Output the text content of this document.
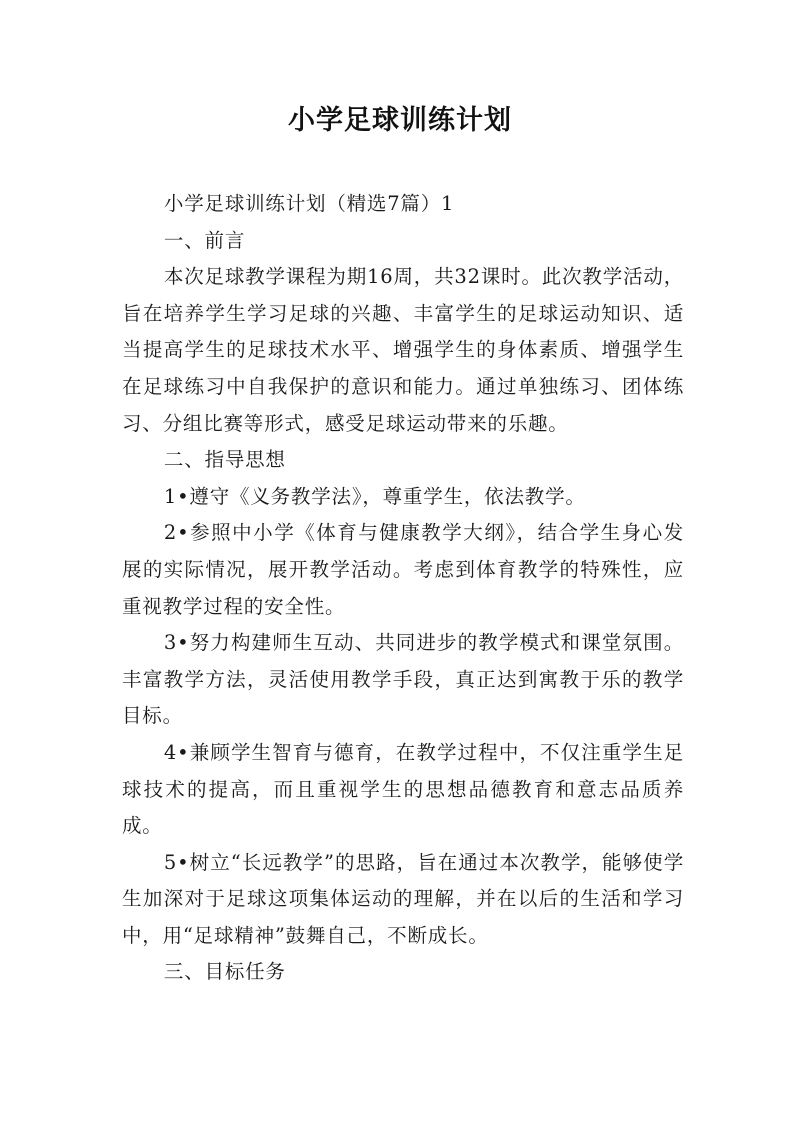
小学足球训练计划

小学足球训练计划（精选7篇）1

一、前言

本次足球教学课程为期16周，共32课时。此次教学活动，旨在培养学生学习足球的兴趣、丰富学生的足球运动知识、适当提高学生的足球技术水平、增强学生的身体素质、增强学生在足球练习中自我保护的意识和能力。通过单独练习、团体练习、分组比赛等形式，感受足球运动带来的乐趣。

二、指导思想

1•遵守《义务教学法》，尊重学生，依法教学。

2•参照中小学《体育与健康教学大纲》，结合学生身心发展的实际情况，展开教学活动。考虑到体育教学的特殊性，应重视教学过程的安全性。

3•努力构建师生互动、共同进步的教学模式和课堂氛围。丰富教学方法，灵活使用教学手段，真正达到寓教于乐的教学目标。

4•兼顾学生智育与德育，在教学过程中，不仅注重学生足球技术的提高，而且重视学生的思想品德教育和意志品质养成。

5•树立“长远教学”的思路，旨在通过本次教学，能够使学生加深对于足球这项集体运动的理解，并在以后的生活和学习中，用“足球精神”鼓舞自己，不断成长。

三、目标任务
